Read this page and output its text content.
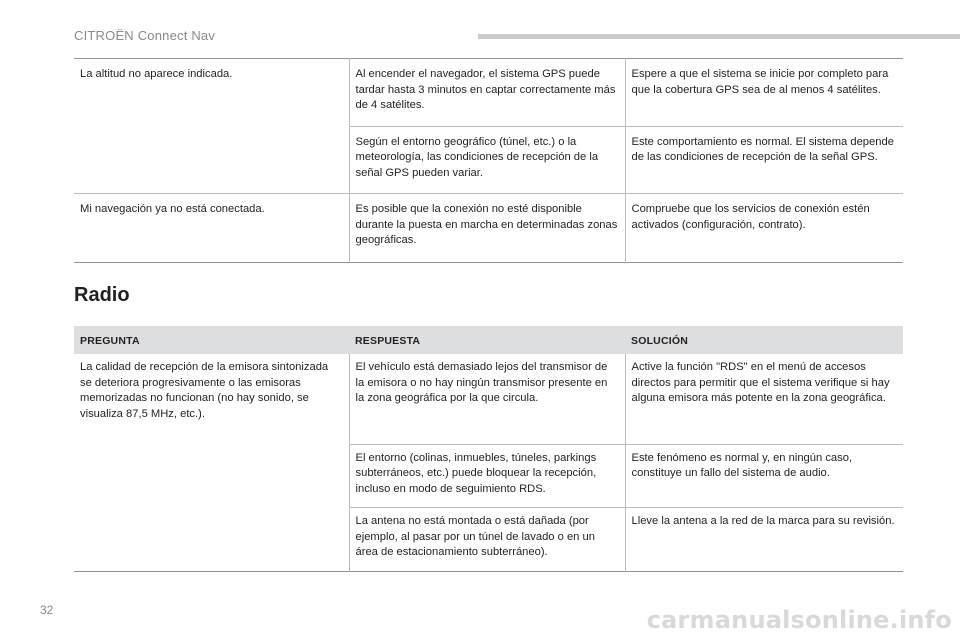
CITROËN Connect Nav
La altitud no aparece indicada.	Al encender el navegador, el sistema GPS puede tardar hasta 3 minutos en captar correctamente más de 4 satélites.	Espere a que el sistema se inicie por completo para que la cobertura GPS sea de al menos 4 satélites.
	Según el entorno geográfico (túnel, etc.) o la meteorología, las condiciones de recepción de la señal GPS pueden variar.	Este comportamiento es normal. El sistema depende de las condiciones de recepción de la señal GPS.
Mi navegación ya no está conectada.	Es posible que la conexión no esté disponible durante la puesta en marcha en determinadas zonas geográficas.	Compruebe que los servicios de conexión estén activados (configuración, contrato).
Radio
PREGUNTA	RESPUESTA	SOLUCIÓN
La calidad de recepción de la emisora sintonizada se deteriora progresivamente o las emisoras memorizadas no funcionan (no hay sonido, se visualiza 87,5 MHz, etc.).	El vehículo está demasiado lejos del transmisor de la emisora o no hay ningún transmisor presente en la zona geográfica por la que circula.	Active la función "RDS" en el menú de accesos directos para permitir que el sistema verifique si hay alguna emisora más potente en la zona geográfica.
	El entorno (colinas, inmuebles, túneles, parkings subterráneos, etc.) puede bloquear la recepción, incluso en modo de seguimiento RDS.	Este fenómeno es normal y, en ningún caso, constituye un fallo del sistema de audio.
	La antena no está montada o está dañada (por ejemplo, al pasar por un túnel de lavado o en un área de estacionamiento subterráneo).	Lleve la antena a la red de la marca para su revisión.
32	carmanualsonline.info
